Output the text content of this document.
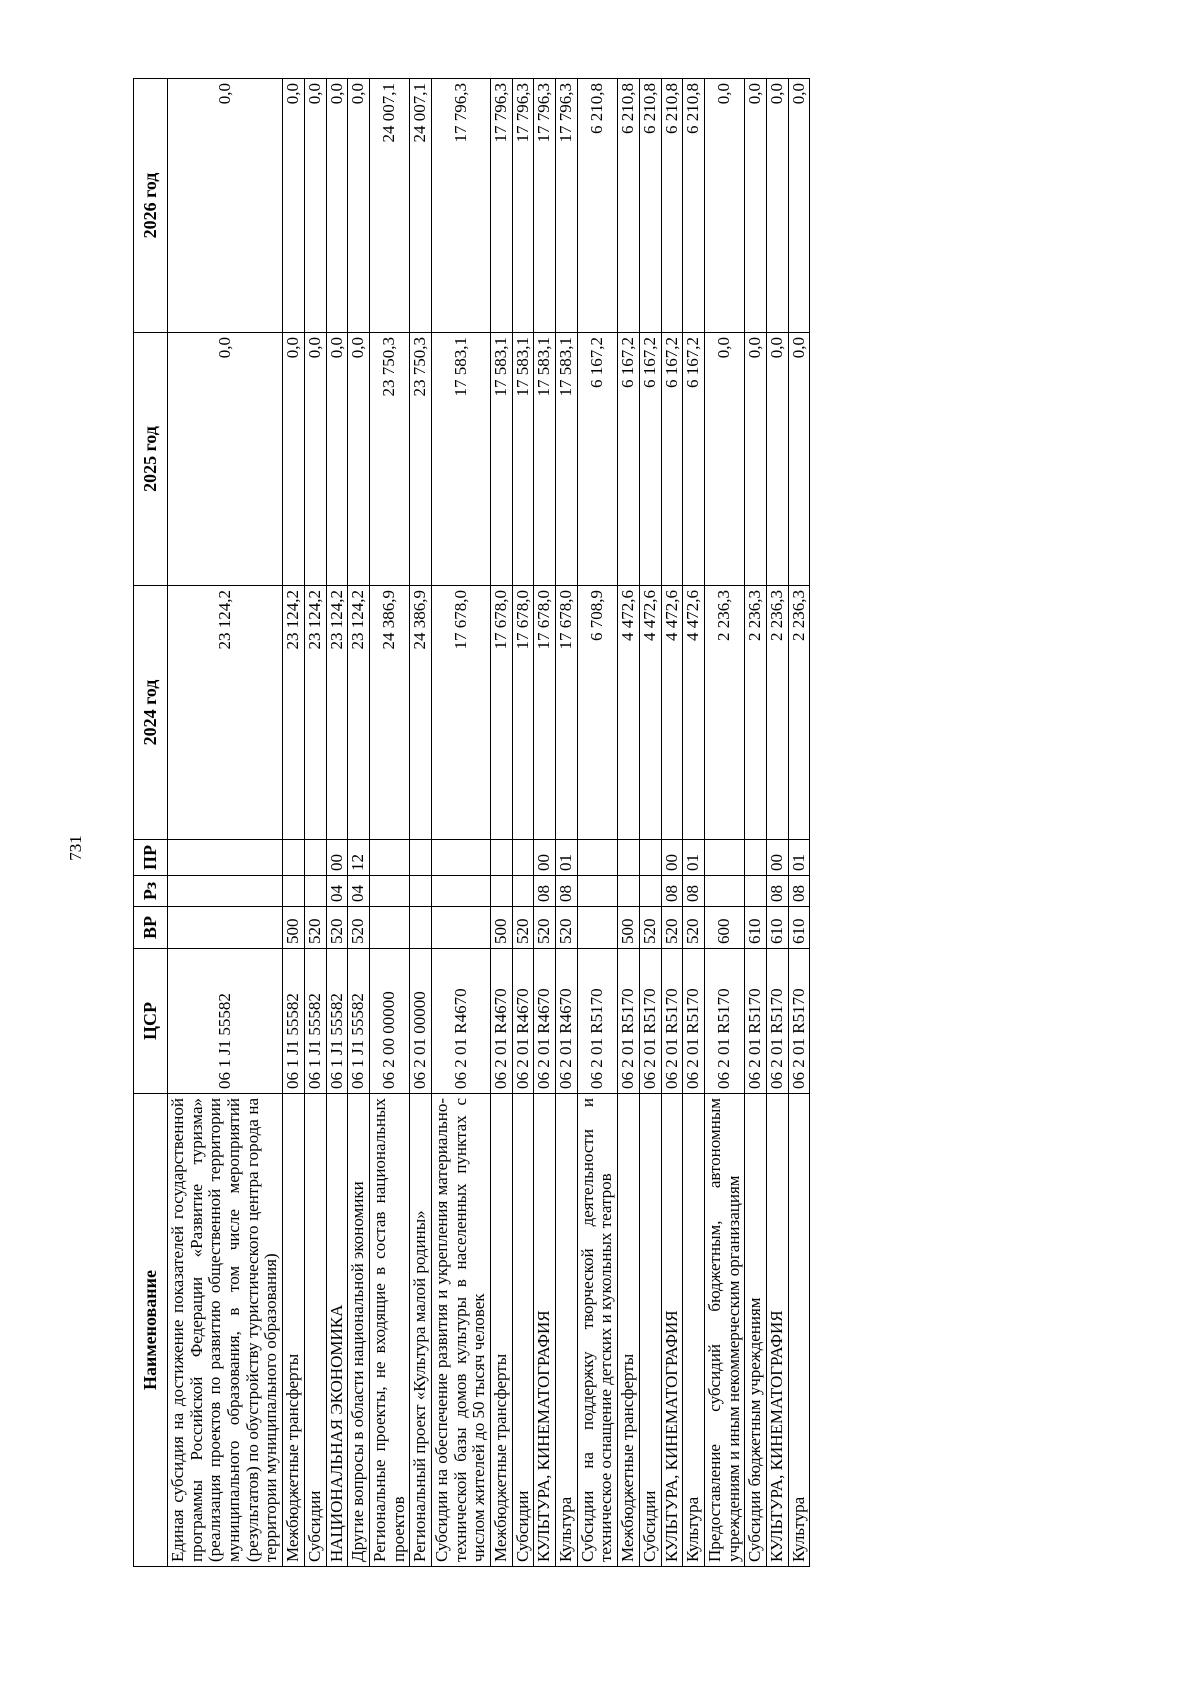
731
Наименование	ЦСР	ВР	Рз	ПР	2024 год	2025 год	2026 год
Единая субсидия на достижение показателей государственной программы Российской Федерации «Развитие туризма» (реализация проектов по развитию общественной территории муниципального образования, в том числе мероприятий (результатов) по обустройству туристического центра города на территории муниципального образования)	06 1 J1 55582				23 124,2	0,0	0,0
Межбюджетные трансферты	06 1 J1 55582	500			23 124,2	0,0	0,0
Субсидии	06 1 J1 55582	520			23 124,2	0,0	0,0
НАЦИОНАЛЬНАЯ ЭКОНОМИКА	06 1 J1 55582	520	04	00	23 124,2	0,0	0,0
Другие вопросы в области национальной экономики	06 1 J1 55582	520	04	12	23 124,2	0,0	0,0
Региональные проекты, не входящие в состав национальных проектов	06 2 00 00000				24 386,9	23 750,3	24 007,1
Региональный проект «Культура малой родины»	06 2 01 00000				24 386,9	23 750,3	24 007,1
Субсидии на обеспечение развития и укрепления материально-технической базы домов культуры в населенных пунктах с числом жителей до 50 тысяч человек	06 2 01 R4670				17 678,0	17 583,1	17 796,3
Межбюджетные трансферты	06 2 01 R4670	500			17 678,0	17 583,1	17 796,3
Субсидии	06 2 01 R4670	520			17 678,0	17 583,1	17 796,3
КУЛЬТУРА, КИНЕМАТОГРАФИЯ	06 2 01 R4670	520	08	00	17 678,0	17 583,1	17 796,3
Культура	06 2 01 R4670	520	08	01	17 678,0	17 583,1	17 796,3
Субсидии на поддержку творческой деятельности и техническое оснащение детских и кукольных театров	06 2 01 R5170				6 708,9	6 167,2	6 210,8
Межбюджетные трансферты	06 2 01 R5170	500			4 472,6	6 167,2	6 210,8
Субсидии	06 2 01 R5170	520			4 472,6	6 167,2	6 210,8
КУЛЬТУРА, КИНЕМАТОГРАФИЯ	06 2 01 R5170	520	08	00	4 472,6	6 167,2	6 210,8
Культура	06 2 01 R5170	520	08	01	4 472,6	6 167,2	6 210,8
Предоставление субсидий бюджетным, автономным учреждениям и иным некоммерческим организациям	06 2 01 R5170	600			2 236,3	0,0	0,0
Субсидии бюджетным учреждениям	06 2 01 R5170	610			2 236,3	0,0	0,0
КУЛЬТУРА, КИНЕМАТОГРАФИЯ	06 2 01 R5170	610	08	00	2 236,3	0,0	0,0
Культура	06 2 01 R5170	610	08	01	2 236,3	0,0	0,0
